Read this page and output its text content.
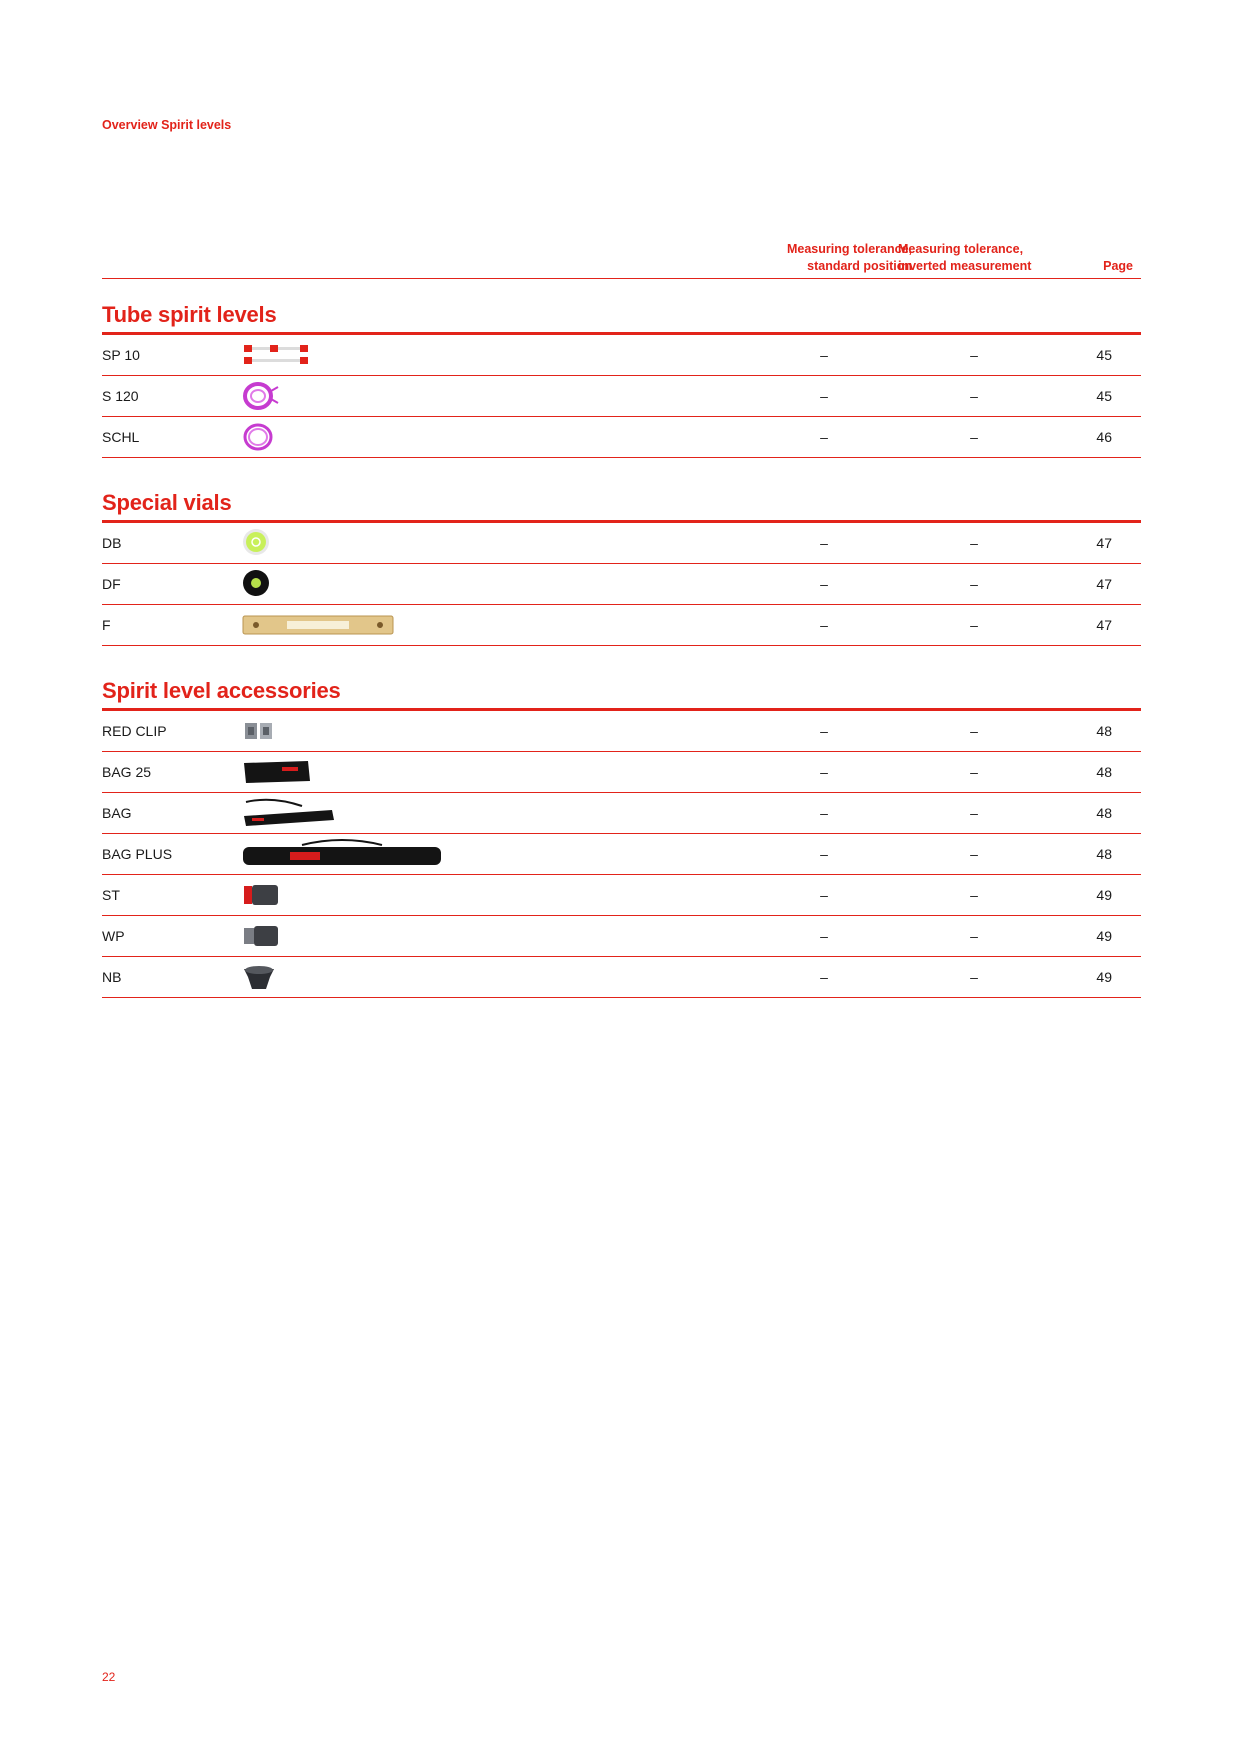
Overview Spirit levels
Measuring tolerance,
standard position
Measuring tolerance,
inverted measurement	Page
Tube spirit levels
SP 10	–	–	45
S 120	–	–	45
SCHL	–	–	46
Special vials
DB	–	–	47
DF	–	–	47
F	–	–	47
Spirit level accessories
RED CLIP	–	–	48
BAG 25	–	–	48
BAG	–	–	48
BAG PLUS	–	–	48
ST	–	–	49
WP	–	–	49
NB	–	–	49
22
